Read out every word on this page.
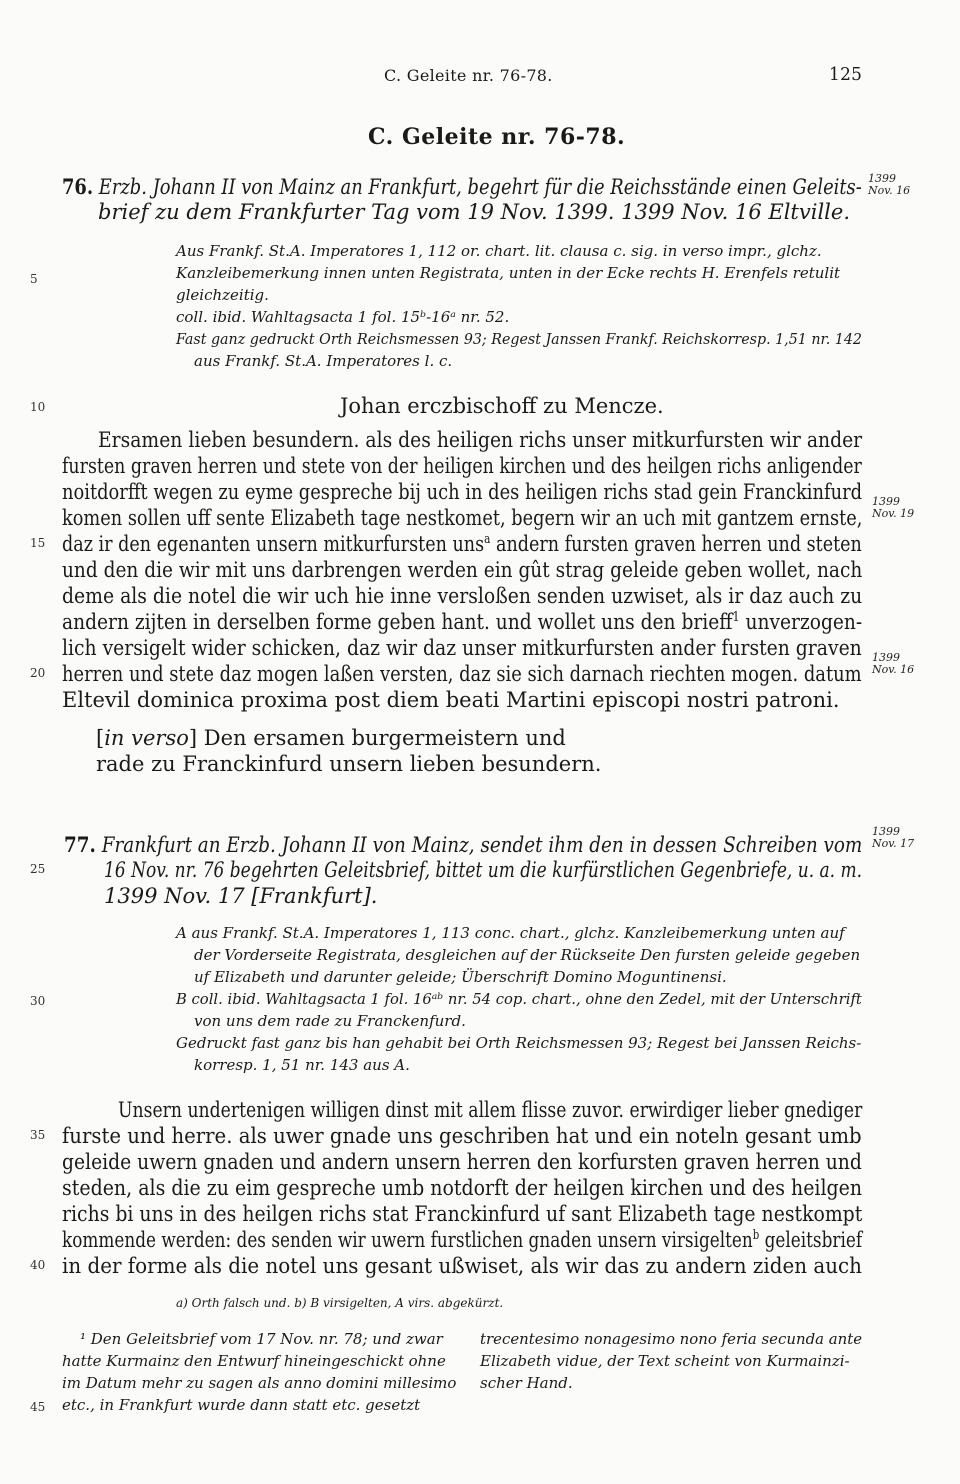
C. Geleite nr. 76-78.	125
C. Geleite nr. 76-78.
76. Erzb. Johann II von Mainz an Frankfurt, begehrt für die Reichsstände einen Geleits-
brief zu dem Frankfurter Tag vom 19 Nov. 1399. 1399 Nov. 16 Eltville.
1399
Nov. 16
Aus Frankf. St.A. Imperatores 1, 112 or. chart. lit. clausa c. sig. in verso impr., glchz.
Kanzleibemerkung innen unten Registrata, unten in der Ecke rechts H. Erenfels retulit
gleichzeitig.
coll. ibid. Wahltagsacta 1 fol. 15ᵇ-16ᵃ nr. 52.
Fast ganz gedruckt Orth Reichsmessen 93; Regest Janssen Frankf. Reichskorresp. 1,51 nr. 142
aus Frankf. St.A. Imperatores l. c.
Johan erczbischoff zu Mencze.
Ersamen lieben besundern. als des heiligen richs unser mitkurfursten wir ander
fursten graven herren und stete von der heiligen kirchen und des heilgen richs anligender
noitdorfft wegen zu eyme gespreche bij uch in des heiligen richs stad gein Franckinfurd
komen sollen uff sente Elizabeth tage nestkomet, begern wir an uch mit gantzem ernste,
daz ir den egenanten unsern mitkurfursten uns$^a$ andern fursten graven herren und steten
und den die wir mit uns darbrengen werden ein gût strag geleide geben wollet, nach
deme als die notel die wir uch hie inne versloßen senden uzwiset, als ir daz auch zu
andern zijten in derselben forme geben hant. und wollet uns den brieff$^1$ unverzogen-
lich versigelt wider schicken, daz wir daz unser mitkurfursten ander fursten graven
herren und stete daz mogen laßen versten, daz sie sich darnach riechten mogen. datum
Eltevil dominica proxima post diem beati Martini episcopi nostri patroni.
1399
Nov. 19
1399
Nov. 16
[in verso] Den ersamen burgermeistern und
rade zu Franckinfurd unsern lieben besundern.
77. Frankfurt an Erzb. Johann II von Mainz, sendet ihm den in dessen Schreiben vom
16 Nov. nr. 76 begehrten Geleitsbrief, bittet um die kurfürstlichen Gegenbriefe, u. a. m.
1399 Nov. 17 [Frankfurt].
1399
Nov. 17
A aus Frankf. St.A. Imperatores 1, 113 conc. chart., glchz. Kanzleibemerkung unten auf
der Vorderseite Registrata, desgleichen auf der Rückseite Den fursten geleide gegeben
uf Elizabeth und darunter geleide; Überschrift Domino Moguntinensi.
B coll. ibid. Wahltagsacta 1 fol. 16ᵃᵇ nr. 54 cop. chart., ohne den Zedel, mit der Unterschrift
von uns dem rade zu Franckenfurd.
Gedruckt fast ganz bis han gehabit bei Orth Reichsmessen 93; Regest bei Janssen Reichs-
korresp. 1, 51 nr. 143 aus A.
Unsern undertenigen willigen dinst mit allem flisse zuvor. erwirdiger lieber gnediger
furste und herre. als uwer gnade uns geschriben hat und ein noteln gesant umb
geleide uwern gnaden und andern unsern herren den korfursten graven herren und
steden, als die zu eim gespreche umb notdorft der heilgen kirchen und des heilgen
richs bi uns in des heilgen richs stat Franckinfurd uf sant Elizabeth tage nestkompt
kommende werden: des senden wir uwern furstlichen gnaden unsern virsigelten$^b$ geleitsbrief
in der forme als die notel uns gesant ußwiset, als wir das zu andern ziden auch
a) Orth falsch und. b) B virsigelten, A virs. abgekürzt.
¹ Den Geleitsbrief vom 17 Nov. nr. 78; und zwar
hatte Kurmainz den Entwurf hineingeschickt ohne
im Datum mehr zu sagen als anno domini millesimo
etc., in Frankfurt wurde dann statt etc. gesetzt
trecentesimo nonagesimo nono feria secunda ante
Elizabeth vidue, der Text scheint von Kurmainzi-
scher Hand.
5
10
15
20
25
30
35
40
45
